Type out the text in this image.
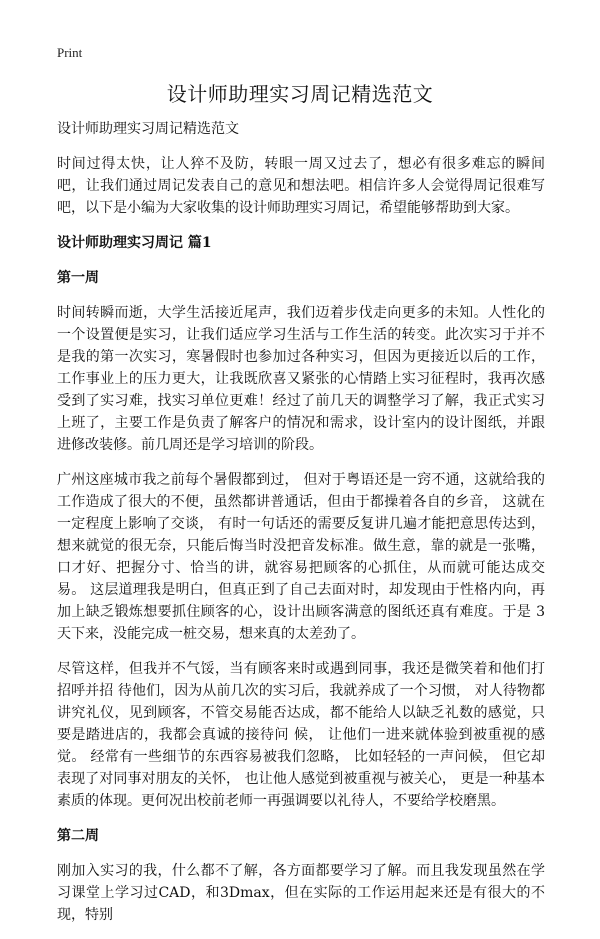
Print
设计师助理实习周记精选范文
设计师助理实习周记精选范文

时间过得太快，让人猝不及防，转眼一周又过去了，想必有很多难忘的瞬间吧，让我们通过周记发表自己的意见和想法吧。相信许多人会觉得周记很难写吧，以下是小编为大家收集的设计师助理实习周记，希望能够帮助到大家。

设计师助理实习周记 篇1
第一周

时间转瞬而逝，大学生活接近尾声，我们迈着步伐走向更多的未知。人性化的一个设置便是实习，让我们适应学习生活与工作生活的转变。此次实习于并不是我的第一次实习，寒暑假时也参加过各种实习，但因为更接近以后的工作，工作事业上的压力更大，让我既欣喜又紧张的心情踏上实习征程时，我再次感受到了实习难，找实习单位更难！经过了前几天的调整学习了解，我正式实习上班了，主要工作是负责了解客户的情况和需求，设计室内的设计图纸，并跟进修改装修。前几周还是学习培训的阶段。

广州这座城市我之前每个暑假都到过， 但对于粤语还是一窍不通，这就给我的工作造成了很大的不便，虽然都讲普通话，但由于都操着各自的乡音， 这就在一定程度上影响了交谈， 有时一句话还的需要反复讲几遍才能把意思传达到，想来就觉的很无奈，只能后悔当时没把音发标准。做生意，靠的就是一张嘴，口才好、把握分寸、恰当的讲，就容易把顾客的心抓住，从而就可能达成交易。 这层道理我是明白，但真正到了自己去面对时，却发现由于性格内向，再加上缺乏锻炼想要抓住顾客的心，设计出顾客满意的图纸还真有难度。于是 3 天下来，没能完成一桩交易，想来真的太差劲了。

尽管这样，但我并不气馁，当有顾客来时或遇到同事，我还是微笑着和他们打招呼并招 待他们，因为从前几次的实习后，我就养成了一个习惯， 对人待物都讲究礼仪，见到顾客，不管交易能否达成，都不能给人以缺乏礼数的感觉，只要是踏进店的，我都会真诚的接待问 候， 让他们一进来就体验到被重视的感觉。 经常有一些细节的东西容易被我们忽略， 比如轻轻的一声问候， 但它却表现了对同事对朋友的关怀， 也让他人感觉到被重视与被关心， 更是一种基本素质的体现。更何况出校前老师一再强调要以礼待人，不要给学校磨黑。

第二周

刚加入实习的我，什么都不了解，各方面都要学习了解。而且我发现虽然在学习课堂上学习过CAD，和3Dmax，但在实际的工作运用起来还是有很大的不现，特别
